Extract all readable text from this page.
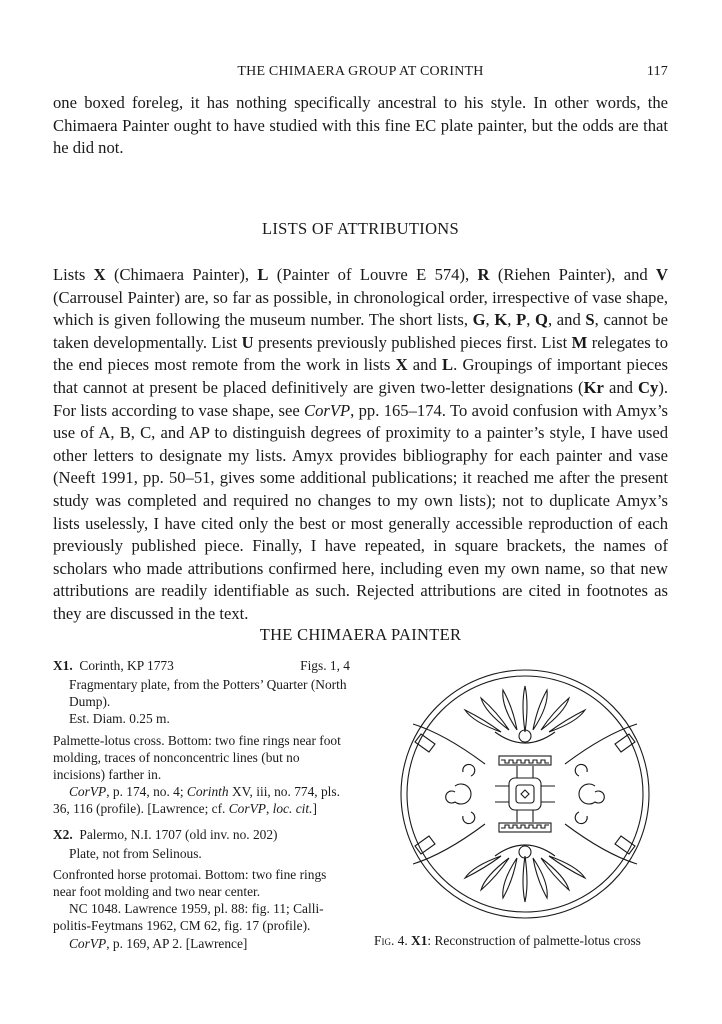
THE CHIMAERA GROUP AT CORINTH	117

one boxed foreleg, it has nothing specifically ancestral to his style. In other words, the Chimaera Painter ought to have studied with this fine EC plate painter, but the odds are that he did not.

LISTS OF ATTRIBUTIONS

Lists X (Chimaera Painter), L (Painter of Louvre E 574), R (Riehen Painter), and V (Carrousel Painter) are, so far as possible, in chronological order, irrespective of vase shape, which is given following the museum number. The short lists, G, K, P, Q, and S, cannot be taken developmentally. List U presents previously published pieces first. List M relegates to the end pieces most remote from the work in lists X and L. Groupings of important pieces that cannot at present be placed definitively are given two-letter designations (Kr and Cy). For lists according to vase shape, see CorVP, pp. 165–174. To avoid confusion with Amyx’s use of A, B, C, and AP to distinguish degrees of proximity to a painter’s style, I have used other letters to designate my lists. Amyx provides bibliography for each painter and vase (Neeft 1991, pp. 50–51, gives some additional publications; it reached me after the present study was completed and required no changes to my own lists); not to duplicate Amyx’s lists uselessly, I have cited only the best or most generally accessible reproduction of each previously published piece. Finally, I have repeated, in square brackets, the names of scholars who made attributions confirmed here, including even my own name, so that new attributions are readily identifiable as such. Rejected attributions are cited in footnotes as they are discussed in the text.

THE CHIMAERA PAINTER
X1. Corinth, KP 1773	Figs. 1, 4
Fragmentary plate, from the Potters’ Quarter (North Dump).
Est. Diam. 0.25 m.
Palmette-lotus cross. Bottom: two fine rings near foot molding, traces of nonconcentric lines (but no incisions) farther in.
CorVP, p. 174, no. 4; Corinth XV, iii, no. 774, pls. 36, 116 (profile). [Lawrence; cf. CorVP, loc. cit.]
X2. Palermo, N.I. 1707 (old inv. no. 202)
Plate, not from Selinous.
Confronted horse protomai. Bottom: two fine rings near foot molding and two near center.
NC 1048. Lawrence 1959, pl. 88: fig. 11; Calli-politis-Feytmans 1962, CM 62, fig. 17 (profile).
CorVP, p. 169, AP 2. [Lawrence]	Fig. 4. X1: Reconstruction of palmette-lotus cross
